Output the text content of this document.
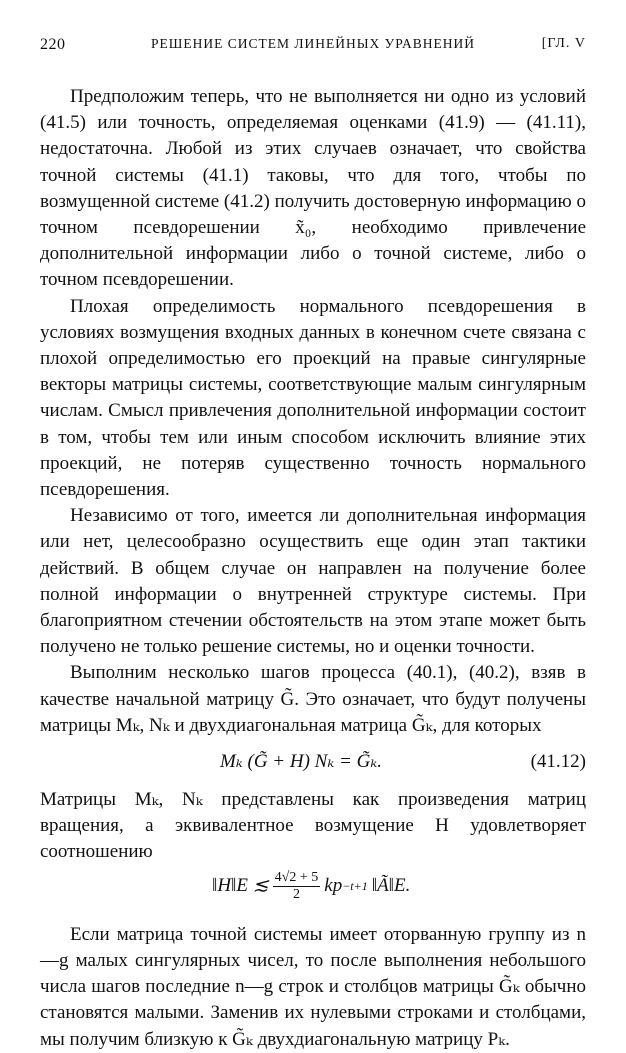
220	РЕШЕНИЕ СИСТЕМ ЛИНЕЙНЫХ УРАВНЕНИЙ	[ГЛ. V

Предположим теперь, что не выполняется ни одно из условий (41.5) или точность, определяемая оценками (41.9) — (41.11), недостаточна. Любой из этих случаев означает, что свойства точной системы (41.1) таковы, что для того, чтобы по возмущенной системе (41.2) получить достоверную информацию о точном псевдорешении x̃₀, необходимо привлечение дополнительной информации либо о точной системе, либо о точном псевдорешении.

Плохая определимость нормального псевдорешения в условиях возмущения входных данных в конечном счете связана с плохой определимостью его проекций на правые сингулярные векторы матрицы системы, соответствующие малым сингулярным числам. Смысл привлечения дополнительной информации состоит в том, чтобы тем или иным способом исключить влияние этих проекций, не потеряв существенно точность нормального псевдорешения.

Независимо от того, имеется ли дополнительная информация или нет, целесообразно осуществить еще один этап тактики действий. В общем случае он направлен на получение более полной информации о внутренней структуре системы. При благоприятном стечении обстоятельств на этом этапе может быть получено не только решение системы, но и оценки точности.

Выполним несколько шагов процесса (40.1), (40.2), взяв в качестве начальной матрицу G̃. Это означает, что будут получены матрицы Mₖ, Nₖ и двухдиагональная матрица G̃ₖ, для которых

Mₖ (G̃ + H) Nₖ = G̃ₖ.	(41.12)

Матрицы Mₖ, Nₖ представлены как произведения матриц вращения, а эквивалентное возмущение H удовлетворяет соотношению

‖H‖E ≲ $\frac{4√2 + 5}{2}$ kp −t+1 ‖Ã‖E.

Если матрица точной системы имеет оторванную группу из n—g малых сингулярных чисел, то после выполнения небольшого числа шагов последние n—g строк и столбцов матрицы G̃ₖ обычно становятся малыми. Заменив их нулевыми строками и столбцами, мы получим близкую к G̃ₖ двухдиагональную матрицу Pₖ.
